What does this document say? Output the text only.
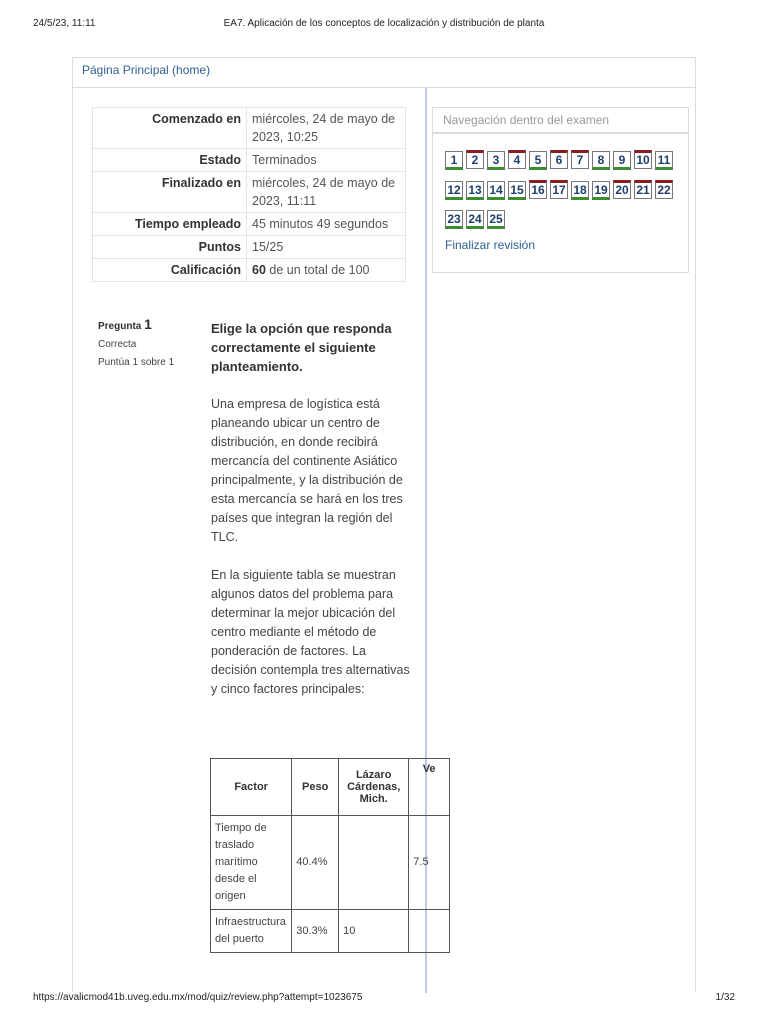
24/5/23, 11:11	EA7. Aplicación de los conceptos de localización y distribución de planta
Página Principal (home)
Comenzado en	miércoles, 24 de mayo de 2023, 10:25
Estado	Terminados
Finalizado en	miércoles, 24 de mayo de 2023, 11:11
Tiempo empleado	45 minutos 49 segundos
Puntos	15/25
Calificación	60 de un total de 100
Navegación dentro del examen
1 2 3 4 5 6 7 8 9 10 1112 13 14 15 16 17 18 19 20 21 2223 24 25
Finalizar revisión
Pregunta 1
Correcta
Puntúa 1 sobre 1
Elige la opción que responda correctamente el siguiente planteamiento.

Una empresa de logística está planeando ubicar un centro de distribución, en donde recibirá mercancía del continente Asiático principalmente, y la distribución de esta mercancía se hará en los tres países que integran la región del TLC.

En la siguiente tabla se muestran algunos datos del problema para determinar la mejor ubicación del centro mediante el método de ponderación de factores. La decisión contempla tres alternativas y cinco factores principales:

Factor	Peso	Lázaro Cárdenas, Mich.	Ve
Tiempo de traslado marítimo desde el origen	40.4%		7.5
Infraestructura del puerto	30.3%	10	
https://avalicmod41b.uveg.edu.mx/mod/quiz/review.php?attempt=1023675	1/32
